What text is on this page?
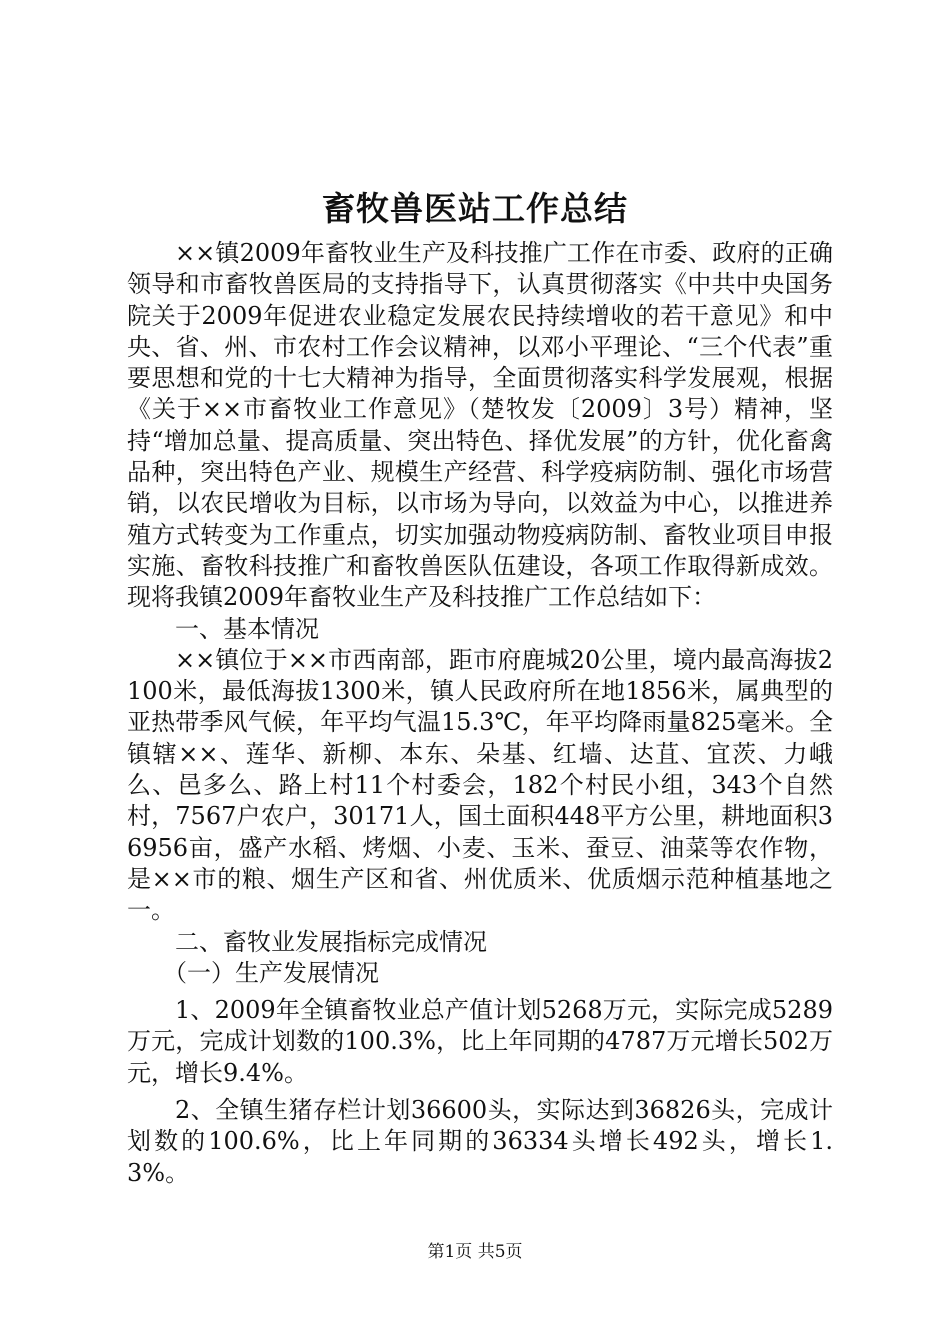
畜牧兽医站工作总结

××镇2009年畜牧业生产及科技推广工作在市委、政府的正确领导和市畜牧兽医局的支持指导下，认真贯彻落实《中共中央国务院关于2009年促进农业稳定发展农民持续增收的若干意见》和中央、省、州、市农村工作会议精神，以邓小平理论、“三个代表”重要思想和党的十七大精神为指导，全面贯彻落实科学发展观，根据《关于××市畜牧业工作意见》（楚牧发〔2009〕3号）精神，坚持“增加总量、提高质量、突出特色、择优发展”的方针，优化畜禽品种，突出特色产业、规模生产经营、科学疫病防制、强化市场营销，以农民增收为目标，以市场为导向，以效益为中心，以推进养殖方式转变为工作重点，切实加强动物疫病防制、畜牧业项目申报实施、畜牧科技推广和畜牧兽医队伍建设，各项工作取得新成效。现将我镇2009年畜牧业生产及科技推广工作总结如下：

一、基本情况

××镇位于××市西南部，距市府鹿城20公里，境内最高海拔2100米，最低海拔1300米，镇人民政府所在地1856米，属典型的亚热带季风气候，年平均气温15.3℃，年平均降雨量825毫米。全镇辖××、莲华、新柳、本东、朵基、红墙、达苴、宜茨、力峨么、邑多么、路上村11个村委会，182个村民小组，343个自然村，7567户农户，30171人，国土面积448平方公里，耕地面积36956亩，盛产水稻、烤烟、小麦、玉米、蚕豆、油菜等农作物，是××市的粮、烟生产区和省、州优质米、优质烟示范种植基地之一。

二、畜牧业发展指标完成情况

（一）生产发展情况

1、2009年全镇畜牧业总产值计划5268万元，实际完成5289万元，完成计划数的100.3%，比上年同期的4787万元增长502万元，增长9.4%。

2、全镇生猪存栏计划36600头，实际达到36826头，完成计划数的100.6%，比上年同期的36334头增长492头，增长1.3%。

第1页 共5页
